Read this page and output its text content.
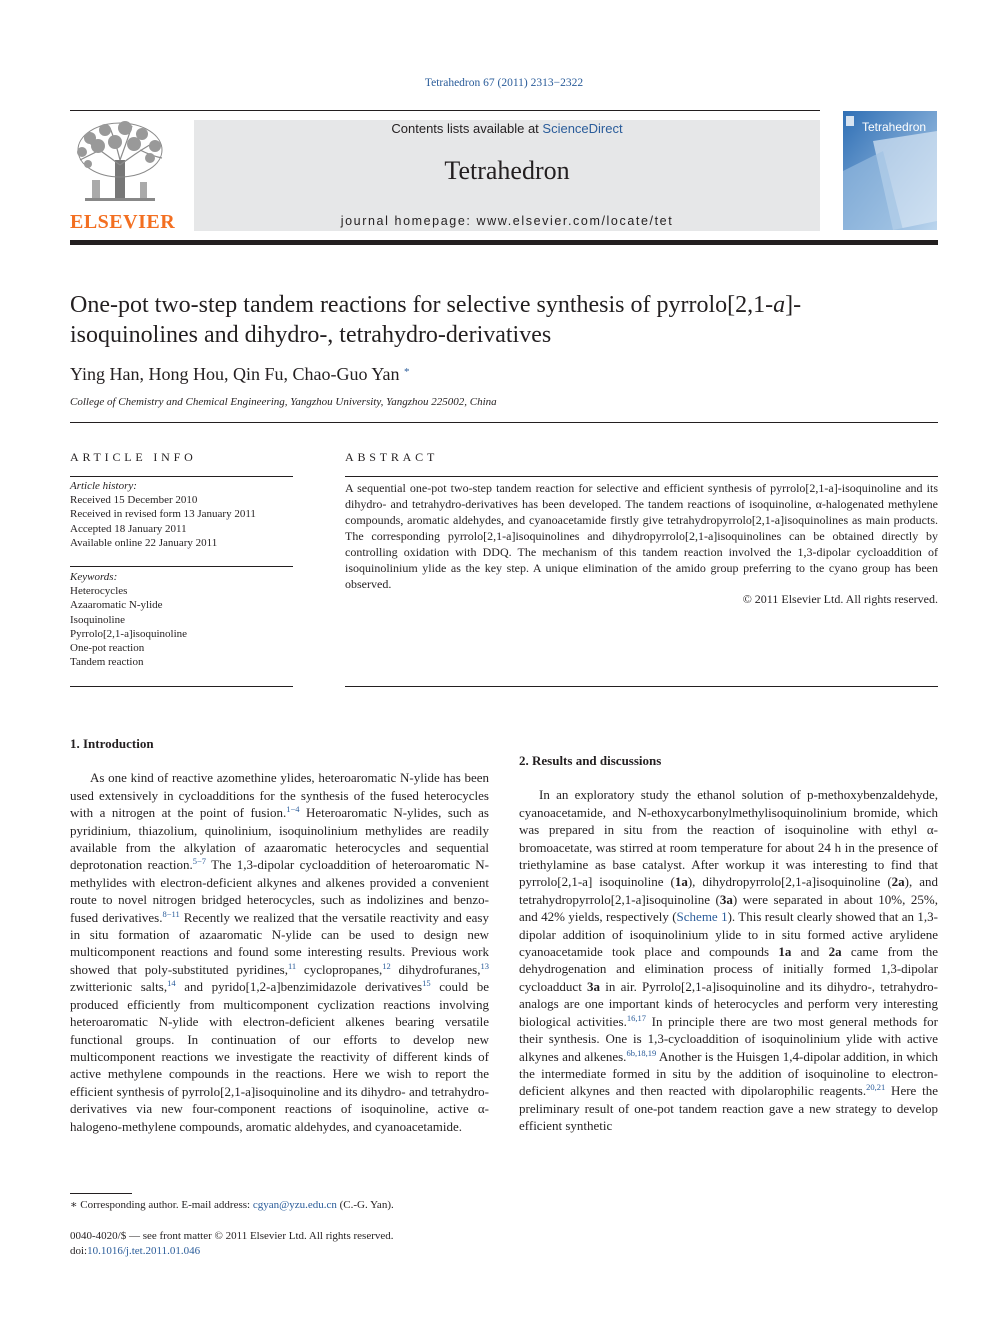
Tetrahedron 67 (2011) 2313−2322
ELSEVIER
Contents lists available at ScienceDirect
Tetrahedron
journal homepage: www.elsevier.com/locate/tet
Tetrahedron
One-pot two-step tandem reactions for selective synthesis of pyrrolo[2,1-a]-
isoquinolines and dihydro-, tetrahydro-derivatives
Ying Han, Hong Hou, Qin Fu, Chao-Guo Yan *
College of Chemistry and Chemical Engineering, Yangzhou University, Yangzhou 225002, China
ARTICLE INFO	ABSTRACT
Article history:
Received 15 December 2010
Received in revised form 13 January 2011
Accepted 18 January 2011
Available online 22 January 2011
Keywords:
Heterocycles
Azaaromatic N-ylide
Isoquinoline
Pyrrolo[2,1-a]isoquinoline
One-pot reaction
Tandem reaction
A sequential one-pot two-step tandem reaction for selective and efficient synthesis of pyrrolo[2,1-a]-isoquinoline and its dihydro- and tetrahydro-derivatives has been developed. The tandem reactions of isoquinoline, α-halogenated methylene compounds, aromatic aldehydes, and cyanoacetamide firstly give tetrahydropyrrolo[2,1-a]isoquinolines as main products. The corresponding pyrrolo[2,1-a]isoquinolines and dihydropyrrolo[2,1-a]isoquinolines can be obtained directly by controlling oxidation with DDQ. The mechanism of this tandem reaction involved the 1,3-dipolar cycloaddition of isoquinolinium ylide as the key step. A unique elimination of the amido group preferring to the cyano group has been observed.
© 2011 Elsevier Ltd. All rights reserved.
1. Introduction

As one kind of reactive azomethine ylides, heteroaromatic N-ylide has been used extensively in cycloadditions for the synthesis of the fused heterocycles with a nitrogen at the point of fusion.$^{1-4}$ Heteroaromatic N-ylides, such as pyridinium, thiazolium, quinolinium, isoquinolinium methylides are readily available from the alkylation of azaaromatic heterocycles and sequential deprotonation reaction.$^{5-7}$ The 1,3-dipolar cycloaddition of heteroaromatic N-methylides with electron-deficient alkynes and alkenes provided a convenient route to novel nitrogen bridged heterocycles, such as indolizines and benzo-fused derivatives.$^{8-11}$ Recently we realized that the versatile reactivity and easy in situ formation of azaaromatic N-ylide can be used to design new multicomponent reactions and found some interesting results. Previous work showed that poly-substituted pyridines,$^{11}$ cyclopropanes,$^{12}$ dihydrofuranes,$^{13}$ zwitterionic salts,$^{14}$ and pyrido[1,2-a]benzimidazole derivatives$^{15}$ could be produced efficiently from multicomponent cyclization reactions involving heteroaromatic N-ylide with electron-deficient alkenes bearing versatile functional groups. In continuation of our efforts to develop new multicomponent reactions we investigate the reactivity of different kinds of active methylene compounds in the reactions. Here we wish to report the efficient synthesis of pyrrolo[2,1-a]isoquinoline and its dihydro- and tetrahydro-derivatives via new four-component reactions of isoquinoline, active α-halogeno-methylene compounds, aromatic aldehydes, and cyanoacetamide.

2. Results and discussions

In an exploratory study the ethanol solution of p-methoxybenzaldehyde, cyanoacetamide, and N-ethoxycarbonylmethylisoquinolinium bromide, which was prepared in situ from the reaction of isoquinoline with ethyl α-bromoacetate, was stirred at room temperature for about 24 h in the presence of triethylamine as base catalyst. After workup it was interesting to find that pyrrolo[2,1-a] isoquinoline (1a), dihydropyrrolo[2,1-a]isoquinoline (2a), and tetrahydropyrrolo[2,1-a]isoquinoline (3a) were separated in about 10%, 25%, and 42% yields, respectively (Scheme 1). This result clearly showed that an 1,3-dipolar addition of isoquinolinium ylide to in situ formed active arylidene cyanoacetamide took place and compounds 1a and 2a came from the dehydrogenation and elimination process of initially formed 1,3-dipolar cycloadduct 3a in air. Pyrrolo[2,1-a]isoquinoline and its dihydro-, tetrahydro-analogs are one important kinds of heterocycles and perform very interesting biological activities.$^{16,17}$ In principle there are two most general methods for their synthesis. One is 1,3-cycloaddition of isoquinolinium ylide with active alkynes and alkenes.$^{6b,18,19}$ Another is the Huisgen 1,4-dipolar addition, in which the intermediate formed in situ by the addition of isoquinoline to electron-deficient alkynes and then reacted with dipolarophilic reagents.$^{20,21}$ Here the preliminary result of one-pot tandem reaction gave a new strategy to develop efficient synthetic

∗ Corresponding author. E-mail address: cgyan@yzu.edu.cn (C.-G. Yan).
0040-4020/$ — see front matter © 2011 Elsevier Ltd. All rights reserved.
doi:10.1016/j.tet.2011.01.046
